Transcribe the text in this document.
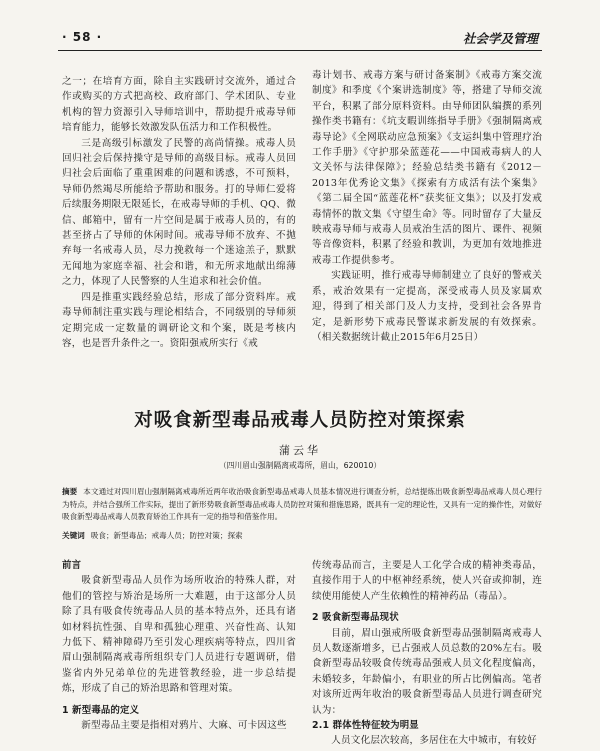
· 58 ·	社会学及管理

之一；在培育方面，除自主实践研讨交流外，通过合作或购买的方式把高校、政府部门、学术团队、专业机构的智力资源引入导师培训中，帮助提升戒毒导师培育能力，能够长效激发队伍活力和工作积极性。

三是高级引标激发了民警的高尚情操。戒毒人员回归社会后保持操守是导师的高级目标。戒毒人员回归社会后面临了重重困难的问题和诱惑，不可预料，导师仍然竭尽所能给予帮助和服务。打的导师仁爱将后续服务期限无限延长，在戒毒导师的手机、QQ、微信、邮箱中，留有一片空间是属于戒毒人员的，有的甚至挤占了导师的休闲时间。戒毒导师不放弃、不抛弃每一名戒毒人员，尽力挽救每一个迷途羔子，默默无闻地为家庭幸福、社会和谐，和无所求地献出绵薄之力，体现了人民警察的人生追求和社会价值。

四是推重实践经验总结，形成了部分资料库。戒毒导师制注重实践与理论相结合，不同级别的导师须定期完成一定数量的调研论文和个案，既是考核内容，也是晋升条件之一。资阳强戒所实行《戒

毒计划书、戒毒方案与研讨备案制》《戒毒方案交流制度》和季度《个案讲选制度》等，搭建了导师交流平台，积累了部分原料资料。由导师团队编撰的系列操作类书籍有：《坑支暇训练指导手册》《强制隔离戒毒导论》《全网联动应急预案》《支运纠集中管理疗治工作手册》《守护那朵蓝莲花——中国戒毒病人的人文关怀与法律保障》；经验总结类书籍有《2012－2013年优秀论文集》《探索有方成活有法个案集》《第二届全国“蓝莲花杯”获奖征文集》；以及打发戒毒情怀的散文集《守望生命》等。同时留存了大量反映戒毒导师与戒毒人员戒治生活的图片、课件、视频等音像资料，积累了经验和教训，为更加有效地推进戒毒工作提供参考。

实践证明，推行戒毒导师制建立了良好的警戒关系，戒治效果有一定提高，深受戒毒人员及家属欢迎，得到了相关部门及人力支持，受到社会各界肯定，是新形势下戒毒民警谋求新发展的有效探索。（相关数据统计截止2015年6月25日）

对吸食新型毒品戒毒人员防控对策探索
蒲云华
（四川眉山强制隔离戒毒所，眉山，620010）
摘要 本文通过对四川眉山强制隔离戒毒所近两年收治吸食新型毒品戒毒人员基本情况进行调查分析，总结提炼出吸食新型毒品戒毒人员心理行为特点，并结合强所工作实际，提出了新形势吸食新型毒品戒毒人员防控对策和措施思路，既具有一定的理论性，又具有一定的操作性，对做好吸食新型毒品戒毒人员教育矫治工作具有一定的指导和借鉴作用。
关键词 吸食；新型毒品；戒毒人员；防控对策；探索

前言

吸食新型毒品人员作为场所收治的特殊人群，对他们的管控与矫治是场所一大难题，由于这部分人员除了具有吸食传统毒品人员的基本特点外，还具有诸如材料抗性强、自卑和孤独心理重、兴奋性高、认知力低下、精神障碍乃至引发心理疾病等特点，四川省眉山强制隔离戒毒所组织专门人员进行专题调研，借鉴省内外兄弟单位的先进管教经验，进一步总结提炼，形成了自己的矫治思路和管理对策。

1 新型毒品的定义

新型毒品主要是指相对鸦片、大麻、可卡因这些

传统毒品而言，主要是人工化学合成的精神类毒品，直接作用于人的中枢神经系统，使人兴奋或抑制，连续使用能使人产生依赖性的精神药品（毒品）。

2 吸食新型毒品现状

目前，眉山强戒所吸食新型毒品强制隔离戒毒人员人数逐渐增多，已占强戒人员总数的20%左右。吸食新型毒品较吸食传统毒品强戒人员文化程度偏高，未婚较多，年龄偏小，有职业的所占比例偏高。笔者对该所近两年收治的吸食新型毒品人员进行调查研究认为：

2.1 群体性特征较为明显

人员文化层次较高，多居住在大中城市，有较好
